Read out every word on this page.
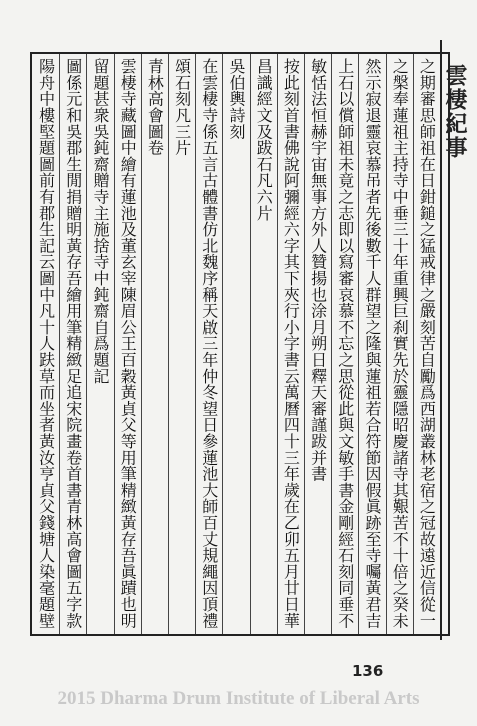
雲棲紀事
之期審思師祖在日鉗鎚之猛戒律之嚴刻苦自勵爲西湖叢林老宿之冠故遠近信從一
之槃奉蓮祖主持寺中垂三十年重興巨刹實先於靈隱昭慶諸寺其艱苦不十倍之癸未
然示寂退靈哀慕吊者先後數千人群望之隆與蓮祖若合符節因假眞跡至寺囑黃君吉
上石以償師祖未竟之志即以寫審哀慕不忘之思從此與文敏手書金剛經石刻同垂不
敏恬法恒赫宇宙無事方外人贊揚也涂月朔日釋天審謹跋并書
按此刻首書佛說阿彌經六字其下夾行小字書云萬曆四十三年歲在乙卯五月廿日華
昌識經文及跋石凡六片
吳伯輿詩刻
在雲棲寺係五言古體書仿北魏序稱天啟三年仲冬望日參蓮池大師百丈規繩因頂禮
頌石刻凡三片
青林高會圖卷
雲棲寺藏圖中繪有蓮池及董玄宰陳眉公王百穀黃貞父等用筆精緻黃存吾眞蹟也明
留題甚衆吳鈍齋贈寺主施捨寺中鈍齋自爲題記
圖係元和吳郡生閒捐贈明黃存吾繪用筆精緻足追宋院畫卷首書青林高會圖五字款
陽舟中樓堅題圖前有郡生記云圖中凡十人趺草而坐者黃汝亨貞父錢塘人染毫題壁
136
2015 Dharma Drum Institute of Liberal Arts
